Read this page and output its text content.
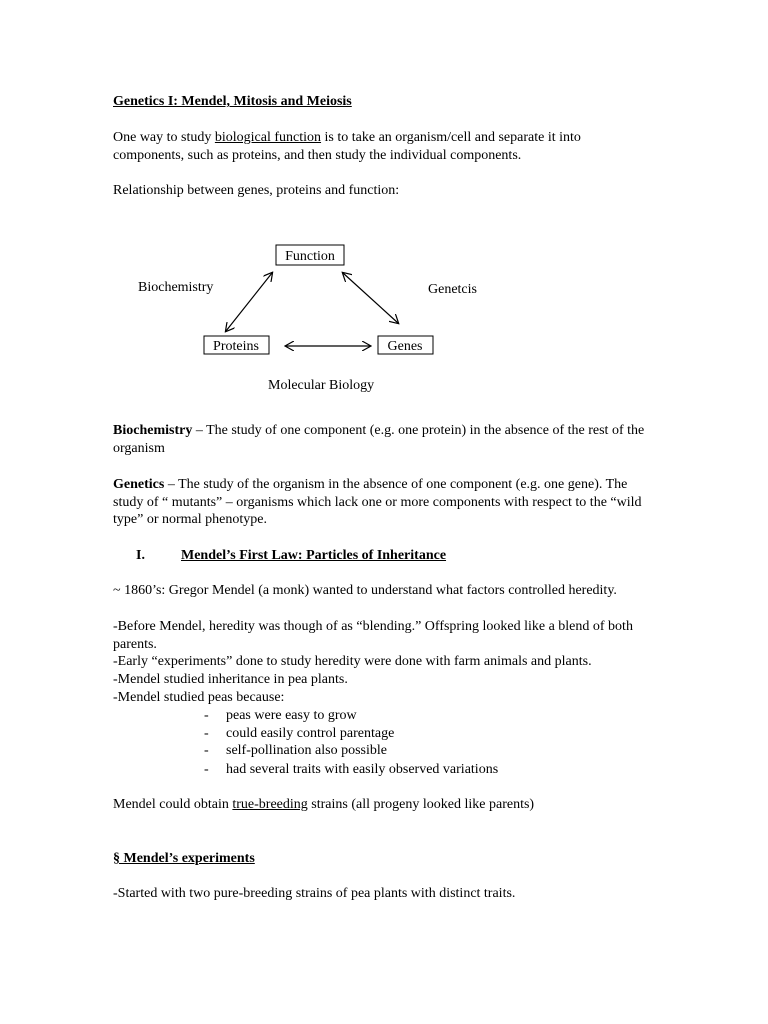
Genetics I: Mendel, Mitosis and Meiosis

One way to study biological function is to take an organism/cell and separate it into components, such as proteins, and then study the individual components.

Relationship between genes, proteins and function:

Function
Proteins	Genes
Biochemistry	Genetcis
Molecular Biology

Biochemistry – The study of one component (e.g. one protein) in the absence of the rest of the organism

Genetics – The study of the organism in the absence of one component (e.g. one gene). The study of “ mutants” – organisms which lack one or more components with respect to the “wild type” or normal phenotype.

I.	Mendel’s First Law: Particles of Inheritance

~ 1860’s: Gregor Mendel (a monk) wanted to understand what factors controlled heredity.

-Before Mendel, heredity was though of as “blending.” Offspring looked like a blend of both parents.

-Early “experiments” done to study heredity were done with farm animals and plants.

-Mendel studied inheritance in pea plants.

-Mendel studied peas because:

- peas were easy to grow
- could easily control parentage
- self-pollination also possible
- had several traits with easily observed variations

Mendel could obtain true-breeding strains (all progeny looked like parents)

§ Mendel’s experiments

-Started with two pure-breeding strains of pea plants with distinct traits.
